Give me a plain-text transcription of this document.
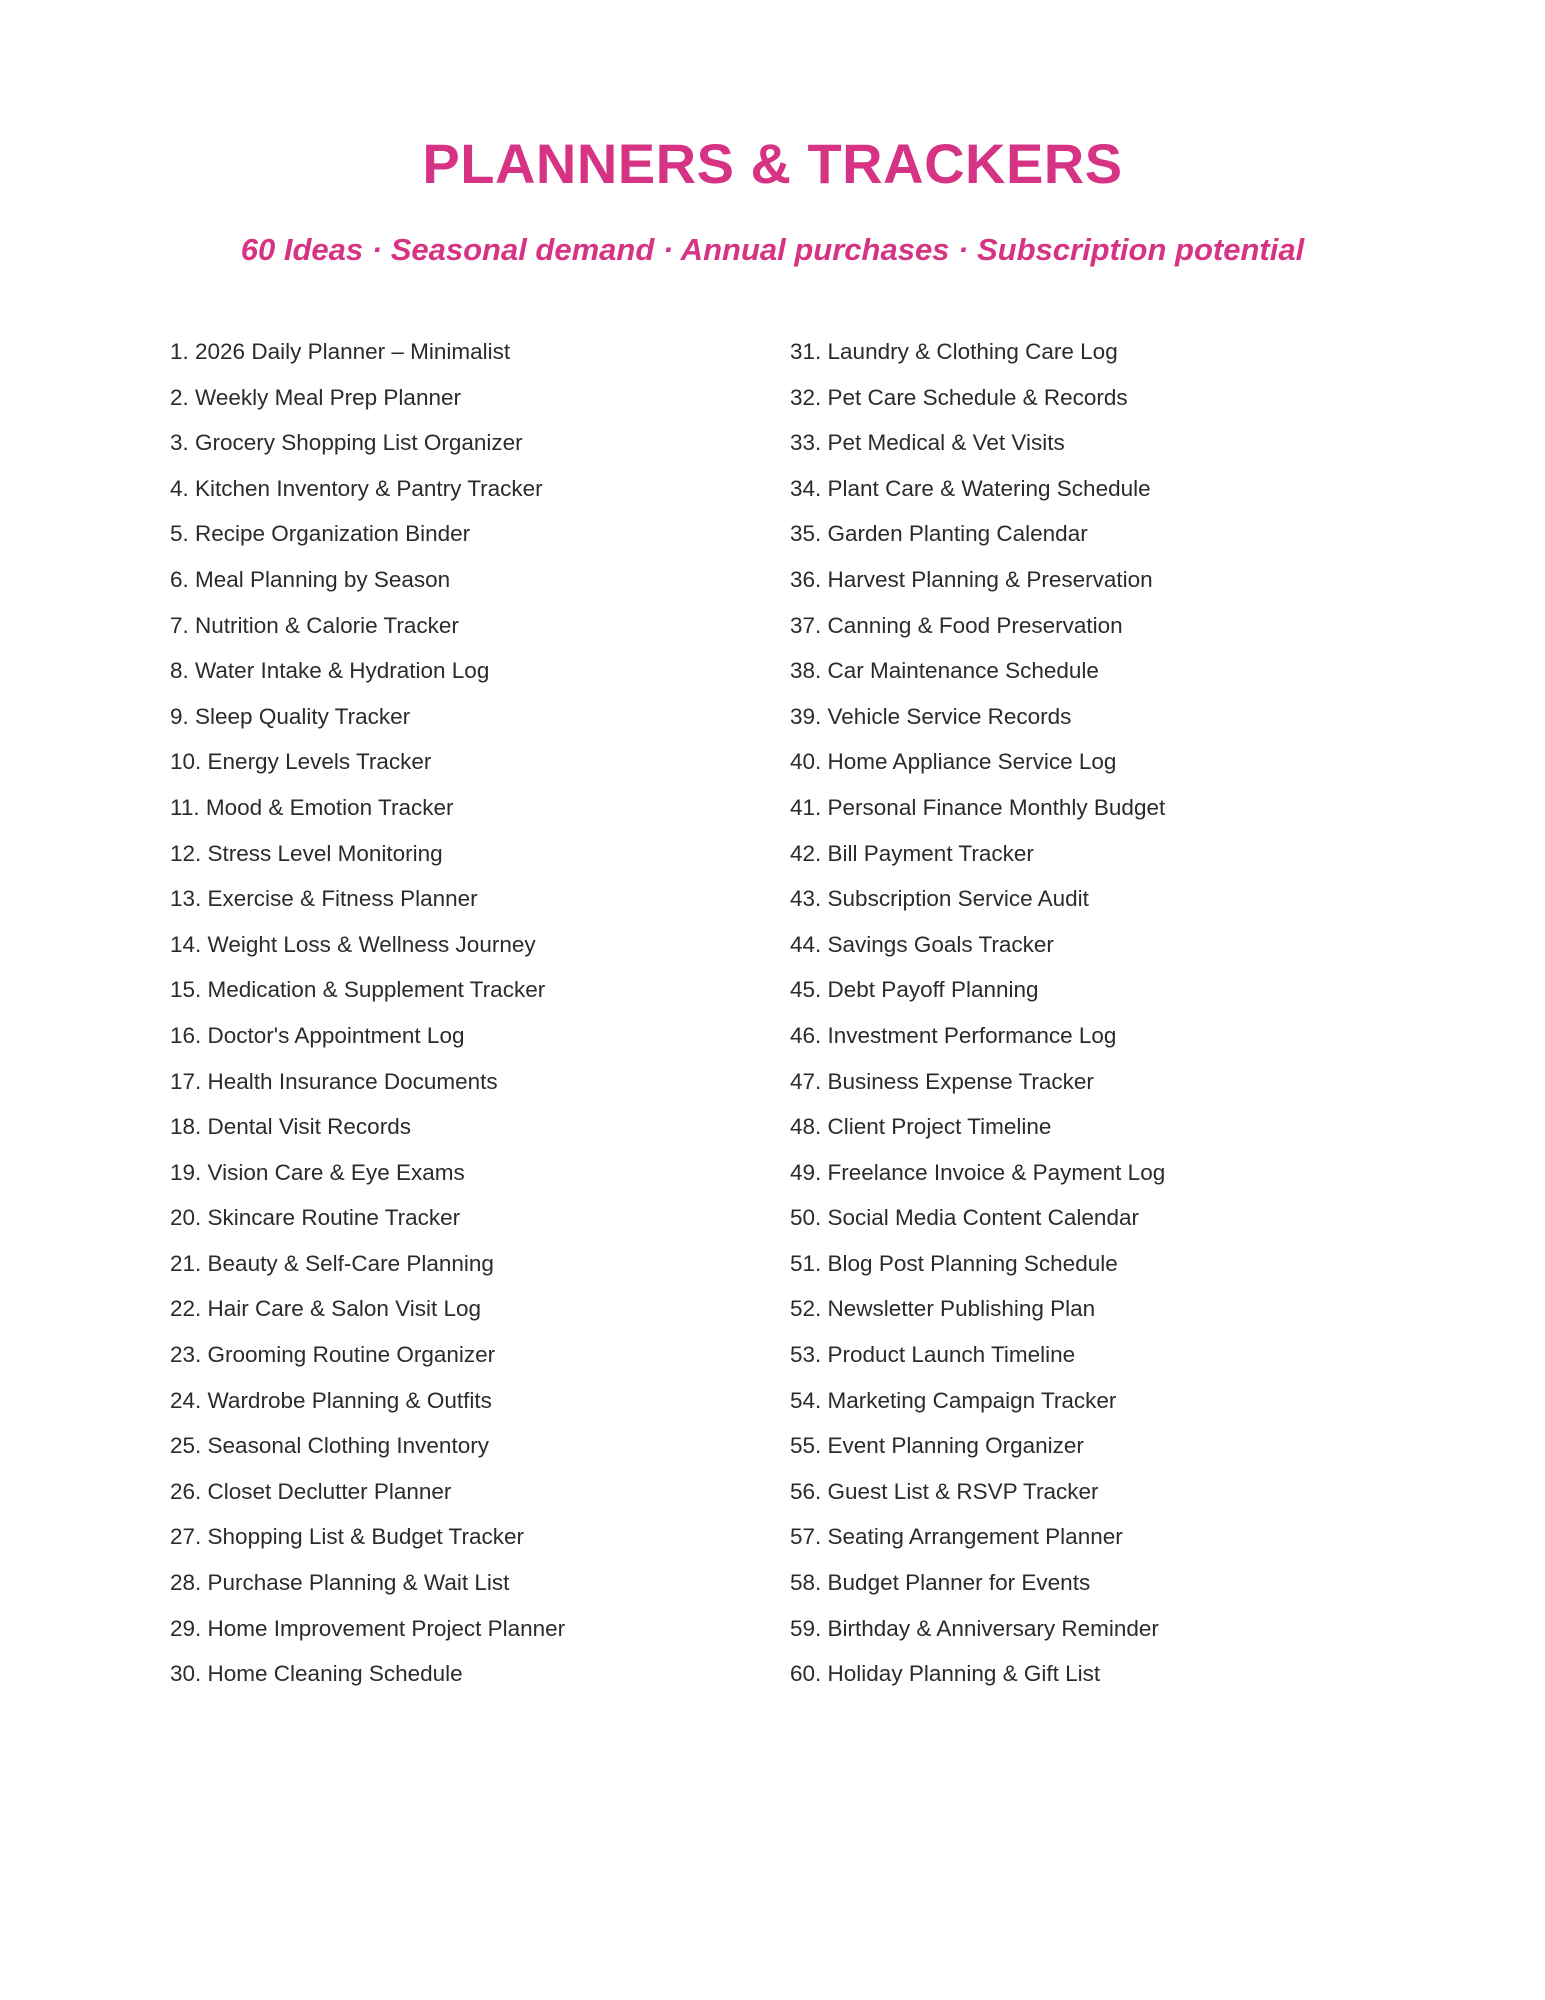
PLANNERS & TRACKERS
60 Ideas · Seasonal demand · Annual purchases · Subscription potential
1. 2026 Daily Planner – Minimalist
2. Weekly Meal Prep Planner
3. Grocery Shopping List Organizer
4. Kitchen Inventory & Pantry Tracker
5. Recipe Organization Binder
6. Meal Planning by Season
7. Nutrition & Calorie Tracker
8. Water Intake & Hydration Log
9. Sleep Quality Tracker
10. Energy Levels Tracker
11. Mood & Emotion Tracker
12. Stress Level Monitoring
13. Exercise & Fitness Planner
14. Weight Loss & Wellness Journey
15. Medication & Supplement Tracker
16. Doctor's Appointment Log
17. Health Insurance Documents
18. Dental Visit Records
19. Vision Care & Eye Exams
20. Skincare Routine Tracker
21. Beauty & Self-Care Planning
22. Hair Care & Salon Visit Log
23. Grooming Routine Organizer
24. Wardrobe Planning & Outfits
25. Seasonal Clothing Inventory
26. Closet Declutter Planner
27. Shopping List & Budget Tracker
28. Purchase Planning & Wait List
29. Home Improvement Project Planner
30. Home Cleaning Schedule
31. Laundry & Clothing Care Log
32. Pet Care Schedule & Records
33. Pet Medical & Vet Visits
34. Plant Care & Watering Schedule
35. Garden Planting Calendar
36. Harvest Planning & Preservation
37. Canning & Food Preservation
38. Car Maintenance Schedule
39. Vehicle Service Records
40. Home Appliance Service Log
41. Personal Finance Monthly Budget
42. Bill Payment Tracker
43. Subscription Service Audit
44. Savings Goals Tracker
45. Debt Payoff Planning
46. Investment Performance Log
47. Business Expense Tracker
48. Client Project Timeline
49. Freelance Invoice & Payment Log
50. Social Media Content Calendar
51. Blog Post Planning Schedule
52. Newsletter Publishing Plan
53. Product Launch Timeline
54. Marketing Campaign Tracker
55. Event Planning Organizer
56. Guest List & RSVP Tracker
57. Seating Arrangement Planner
58. Budget Planner for Events
59. Birthday & Anniversary Reminder
60. Holiday Planning & Gift List
